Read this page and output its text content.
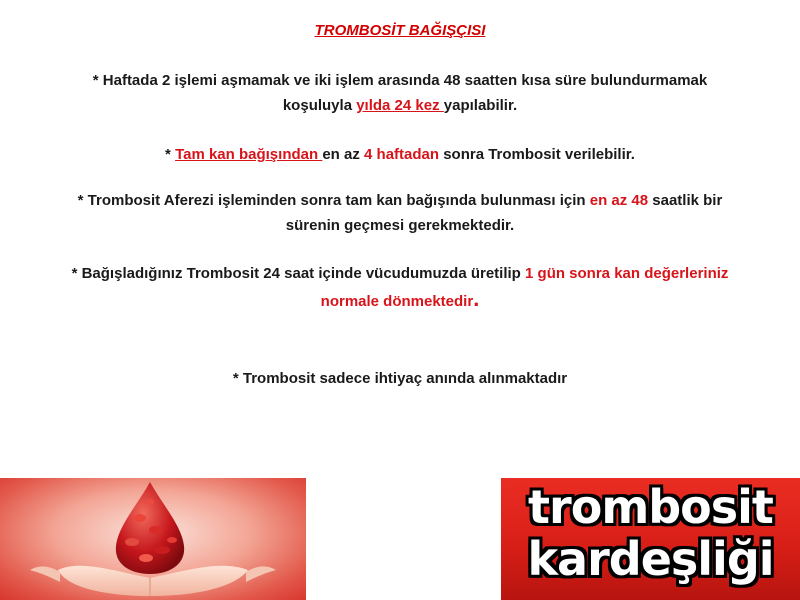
TROMBOSİT BAĞIŞÇISI
* Haftada 2 işlemi aşmamak ve iki işlem arasında 48 saatten kısa süre bulundurmamak
koşuluyla yılda 24 kez yapılabilir.
* Tam kan bağışından en az 4 haftadan sonra Trombosit verilebilir.
* Trombosit Aferezi işleminden sonra tam kan bağışında bulunması için en az 48 saatlik bir
sürenin geçmesi gerekmektedir.
* Bağışladığınız Trombosit 24 saat içinde vücudumuzda üretilip 1 gün sonra kan değerleriniz
normale dönmektedir.
* Trombosit sadece ihtiyaç anında alınmaktadır
trombosit
kardeşliği
